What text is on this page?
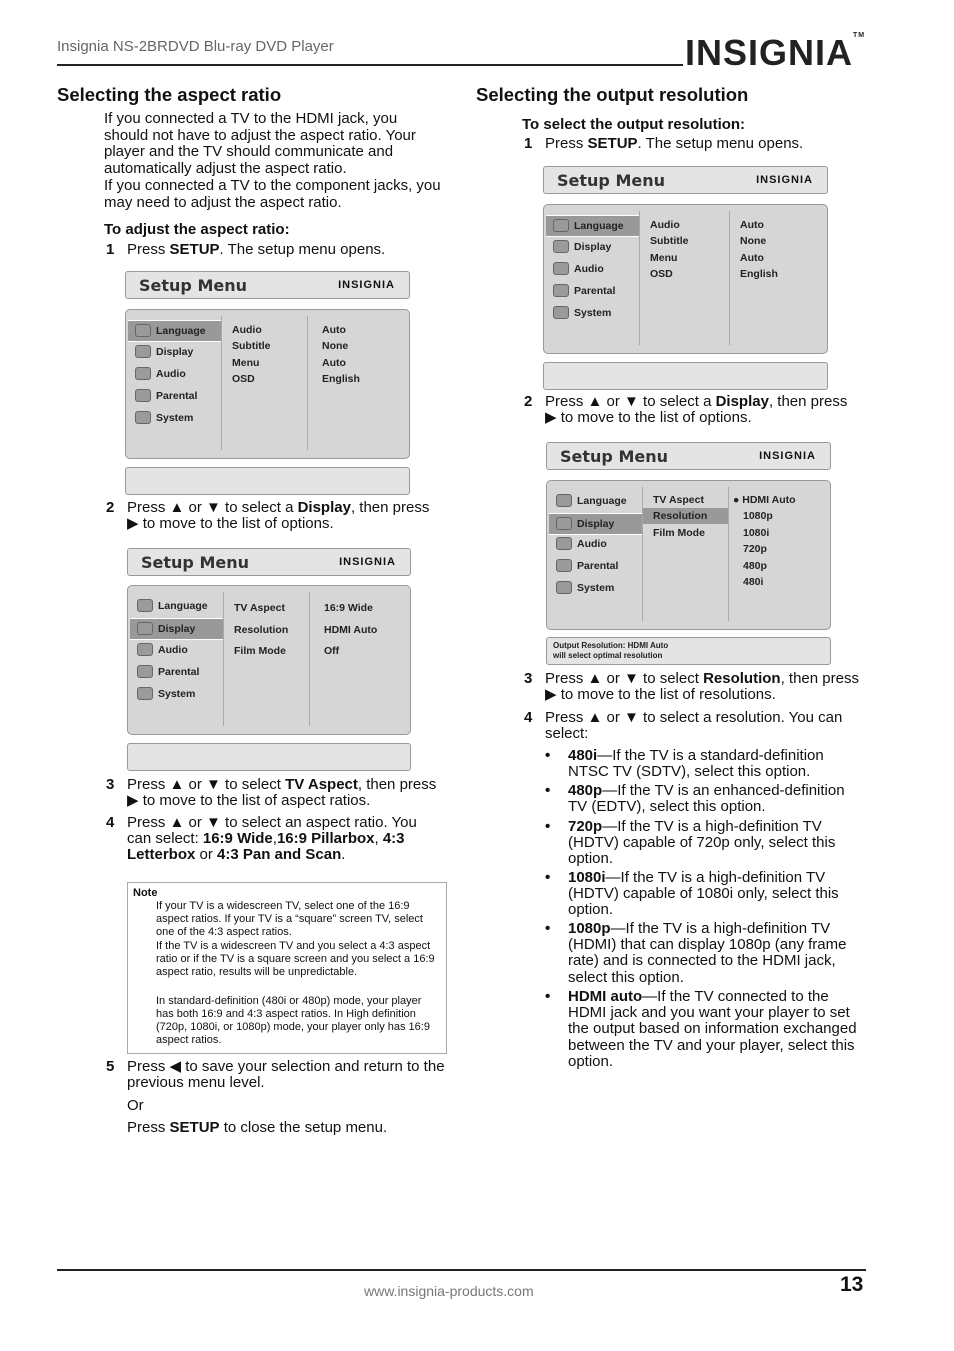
Insignia NS-2BRDVD Blu-ray DVD Player	INSIGNIA™
Selecting the aspect ratio
If you connected a TV to the HDMI jack, you should not have to adjust the aspect ratio. Your player and the TV should communicate and automatically adjust the aspect ratio.
If you connected a TV to the component jacks, you may need to adjust the aspect ratio.
To adjust the aspect ratio:
1 Press SETUP. The setup menu opens.
Setup Menu	INSIGNIA
Language
Display
Audio
Parental
System
Audio
Subtitle
Menu
OSD
Auto
None
Auto
English
2 Press ▲ or ▼ to select a Display, then press ▶ to move to the list of options.
Setup Menu	INSIGNIA
Language
Display
Audio
Parental
System
TV Aspect
Resolution
Film Mode
16:9 Wide
HDMI Auto
Off
3 Press ▲ or ▼ to select TV Aspect, then press ▶ to move to the list of aspect ratios.
4 Press ▲ or ▼ to select an aspect ratio. You can select: 16:9 Wide,16:9 Pillarbox, 4:3 Letterbox or 4:3 Pan and Scan.
Note
If your TV is a widescreen TV, select one of the 16:9 aspect ratios. If your TV is a “square” screen TV, select one of the 4:3 aspect ratios.
If the TV is a widescreen TV and you select a 4:3 aspect ratio or if the TV is a square screen and you select a 16:9 aspect ratio, results will be unpredictable.
In standard-definition (480i or 480p) mode, your player has both 16:9 and 4:3 aspect ratios. In High definition (720p, 1080i, or 1080p) mode, your player only has 16:9 aspect ratios.
5 Press ◀ to save your selection and return to the previous menu level.
Or
Press SETUP to close the setup menu.
Selecting the output resolution
To select the output resolution:
1 Press SETUP. The setup menu opens.
Setup Menu	INSIGNIA
Language
Display
Audio
Parental
System
Audio
Subtitle
Menu
OSD
Auto
None
Auto
English
2 Press ▲ or ▼ to select a Display, then press ▶ to move to the list of options.
Setup Menu	INSIGNIA
Language
Display
Audio
Parental
System
TV Aspect
Resolution
Film Mode
● HDMI Auto
1080p
1080i
720p
480p
480i
Output Resolution: HDMI Auto
will select optimal resolution
3 Press ▲ or ▼ to select Resolution, then press ▶ to move to the list of resolutions.
4 Press ▲ or ▼ to select a resolution. You can select:
• 480i—If the TV is a standard-definition NTSC TV (SDTV), select this option.
• 480p—If the TV is an enhanced-definition TV (EDTV), select this option.
• 720p—If the TV is a high-definition TV (HDTV) capable of 720p only, select this option.
• 1080i—If the TV is a high-definition TV (HDTV) capable of 1080i only, select this option.
• 1080p—If the TV is a high-definition TV (HDMI) that can display 1080p (any frame rate) and is connected to the HDMI jack, select this option.
• HDMI auto—If the TV connected to the HDMI jack and you want your player to set the output based on information exchanged between the TV and your player, select this option.
www.insignia-products.com	13
